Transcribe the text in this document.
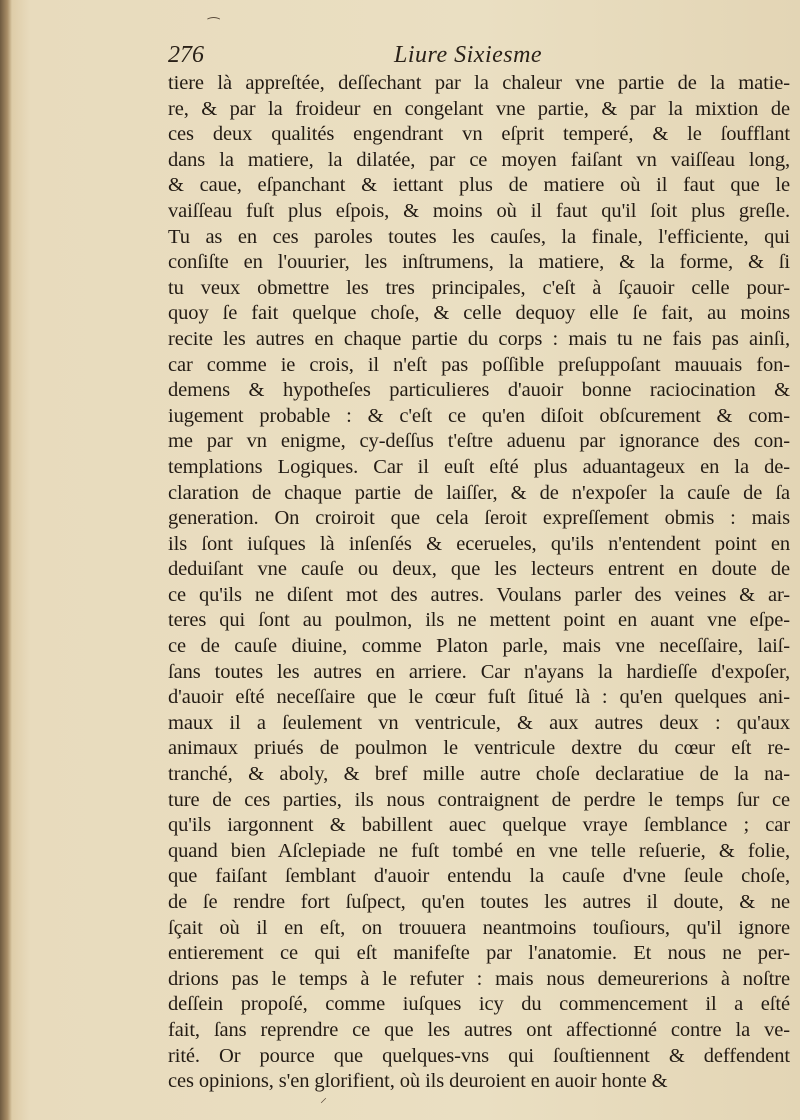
276	Liure Sixiesme
tiere là appreſtée, deſſechant par la chaleur vne partie de la matie-
re, & par la froideur en congelant vne partie, & par la mixtion de
ces deux qualités engendrant vn eſprit temperé, & le ſoufflant
dans la matiere, la dilatée, par ce moyen faiſant vn vaiſſeau long,
& caue, eſpanchant & iettant plus de matiere où il faut que le
vaiſſeau fuſt plus eſpois, & moins où il faut qu'il ſoit plus greſle.
Tu as en ces paroles toutes les cauſes, la finale, l'efficiente, qui
conſiſte en l'ouurier, les inſtrumens, la matiere, & la forme, & ſi
tu veux obmettre les tres principales, c'eſt à ſçauoir celle pour-
quoy ſe fait quelque choſe, & celle dequoy elle ſe fait, au moins
recite les autres en chaque partie du corps : mais tu ne fais pas ainſi,
car comme ie crois, il n'eſt pas poſſible preſuppoſant mauuais fon-
demens & hypotheſes particulieres d'auoir bonne raciocination &
iugement probable : & c'eſt ce qu'en diſoit obſcurement & com-
me par vn enigme, cy-deſſus t'eſtre aduenu par ignorance des con-
templations Logiques. Car il euſt eſté plus aduantageux en la de-
claration de chaque partie de laiſſer, & de n'expoſer la cauſe de ſa
generation. On croiroit que cela ſeroit expreſſement obmis : mais
ils ſont iuſques là inſenſés & ecerueles, qu'ils n'entendent point en
deduiſant vne cauſe ou deux, que les lecteurs entrent en doute de
ce qu'ils ne diſent mot des autres. Voulans parler des veines & ar-
teres qui ſont au poulmon, ils ne mettent point en auant vne eſpe-
ce de cauſe diuine, comme Platon parle, mais vne neceſſaire, laiſ-
ſans toutes les autres en arriere. Car n'ayans la hardieſſe d'expoſer,
d'auoir eſté neceſſaire que le cœur fuſt ſitué là : qu'en quelques ani-
maux il a ſeulement vn ventricule, & aux autres deux : qu'aux
animaux priués de poulmon le ventricule dextre du cœur eſt re-
tranché, & aboly, & bref mille autre choſe declaratiue de la na-
ture de ces parties, ils nous contraignent de perdre le temps ſur ce
qu'ils iargonnent & babillent auec quelque vraye ſemblance ; car
quand bien Aſclepiade ne fuſt tombé en vne telle reſuerie, & folie,
que faiſant ſemblant d'auoir entendu la cauſe d'vne ſeule choſe,
de ſe rendre fort ſuſpect, qu'en toutes les autres il doute, & ne
ſçait où il en eſt, on trouuera neantmoins touſiours, qu'il ignore
entierement ce qui eſt manifeſte par l'anatomie. Et nous ne per-
drions pas le temps à le refuter : mais nous demeurerions à noſtre
deſſein propoſé, comme iuſques icy du commencement il a eſté
fait, ſans reprendre ce que les autres ont affectionné contre la ve-
rité. Or pource que quelques-vns qui ſouſtiennent & deffendent
ces opinions, s'en glorifient, où ils deuroient en auoir honte &
⁀
⸝
